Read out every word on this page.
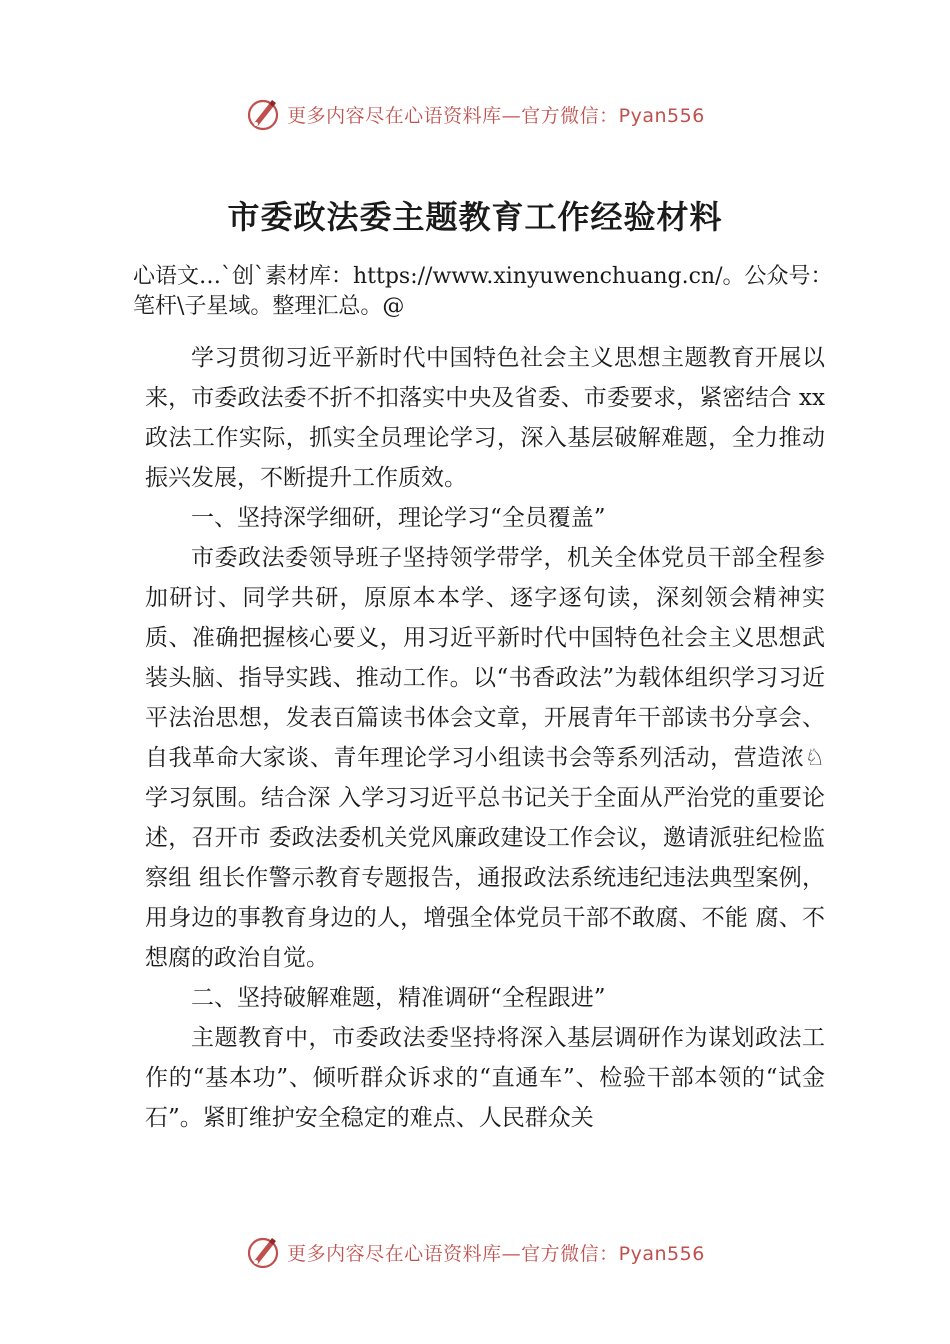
更多内容尽在心语资料库—官方微信：Pyan556
市委政法委主题教育工作经验材料

心语文…`创`素材库：https://www.xinyuwenchuang.cn/。公众号：笔杆\子星域。整理汇总。@

学习贯彻习近平新时代中国特色社会主义思想主题教育开展以来，市委政法委不折不扣落实中央及省委、市委要求，紧密结合 xx 政法工作实际，抓实全员理论学习，深入基层破解难题，全力推动振兴发展，不断提升工作质效。

一、坚持深学细研，理论学习“全员覆盖”

市委政法委领导班子坚持领学带学，机关全体党员干部全程参加研讨、同学共研，原原本本学、逐字逐句读，深刻领会精神实质、准确把握核心要义，用习近平新时代中国特色社会主义思想武装头脑、指导实践、推动工作。以“书香政法”为载体组织学习习近平法治思想，发表百篇读书体会文章，开展青年干部读书分享会、自我革命大家谈、青年理论学习小组读书会等系列活动，营造浓♘学习氛围。结合深 入学习习近平总书记关于全面从严治党的重要论述，召开市 委政法委机关党风廉政建设工作会议，邀请派驻纪检监察组 组长作警示教育专题报告，通报政法系统违纪违法典型案例， 用身边的事教育身边的人，增强全体党员干部不敢腐、不能 腐、不想腐的政治自觉。

二、坚持破解难题，精准调研“全程跟进”

主题教育中，市委政法委坚持将深入基层调研作为谋划政法工作的“基本功”、倾听群众诉求的“直通车”、检验干部本领的“试金石”。紧盯维护安全稳定的难点、人民群众关

更多内容尽在心语资料库—官方微信：Pyan556
